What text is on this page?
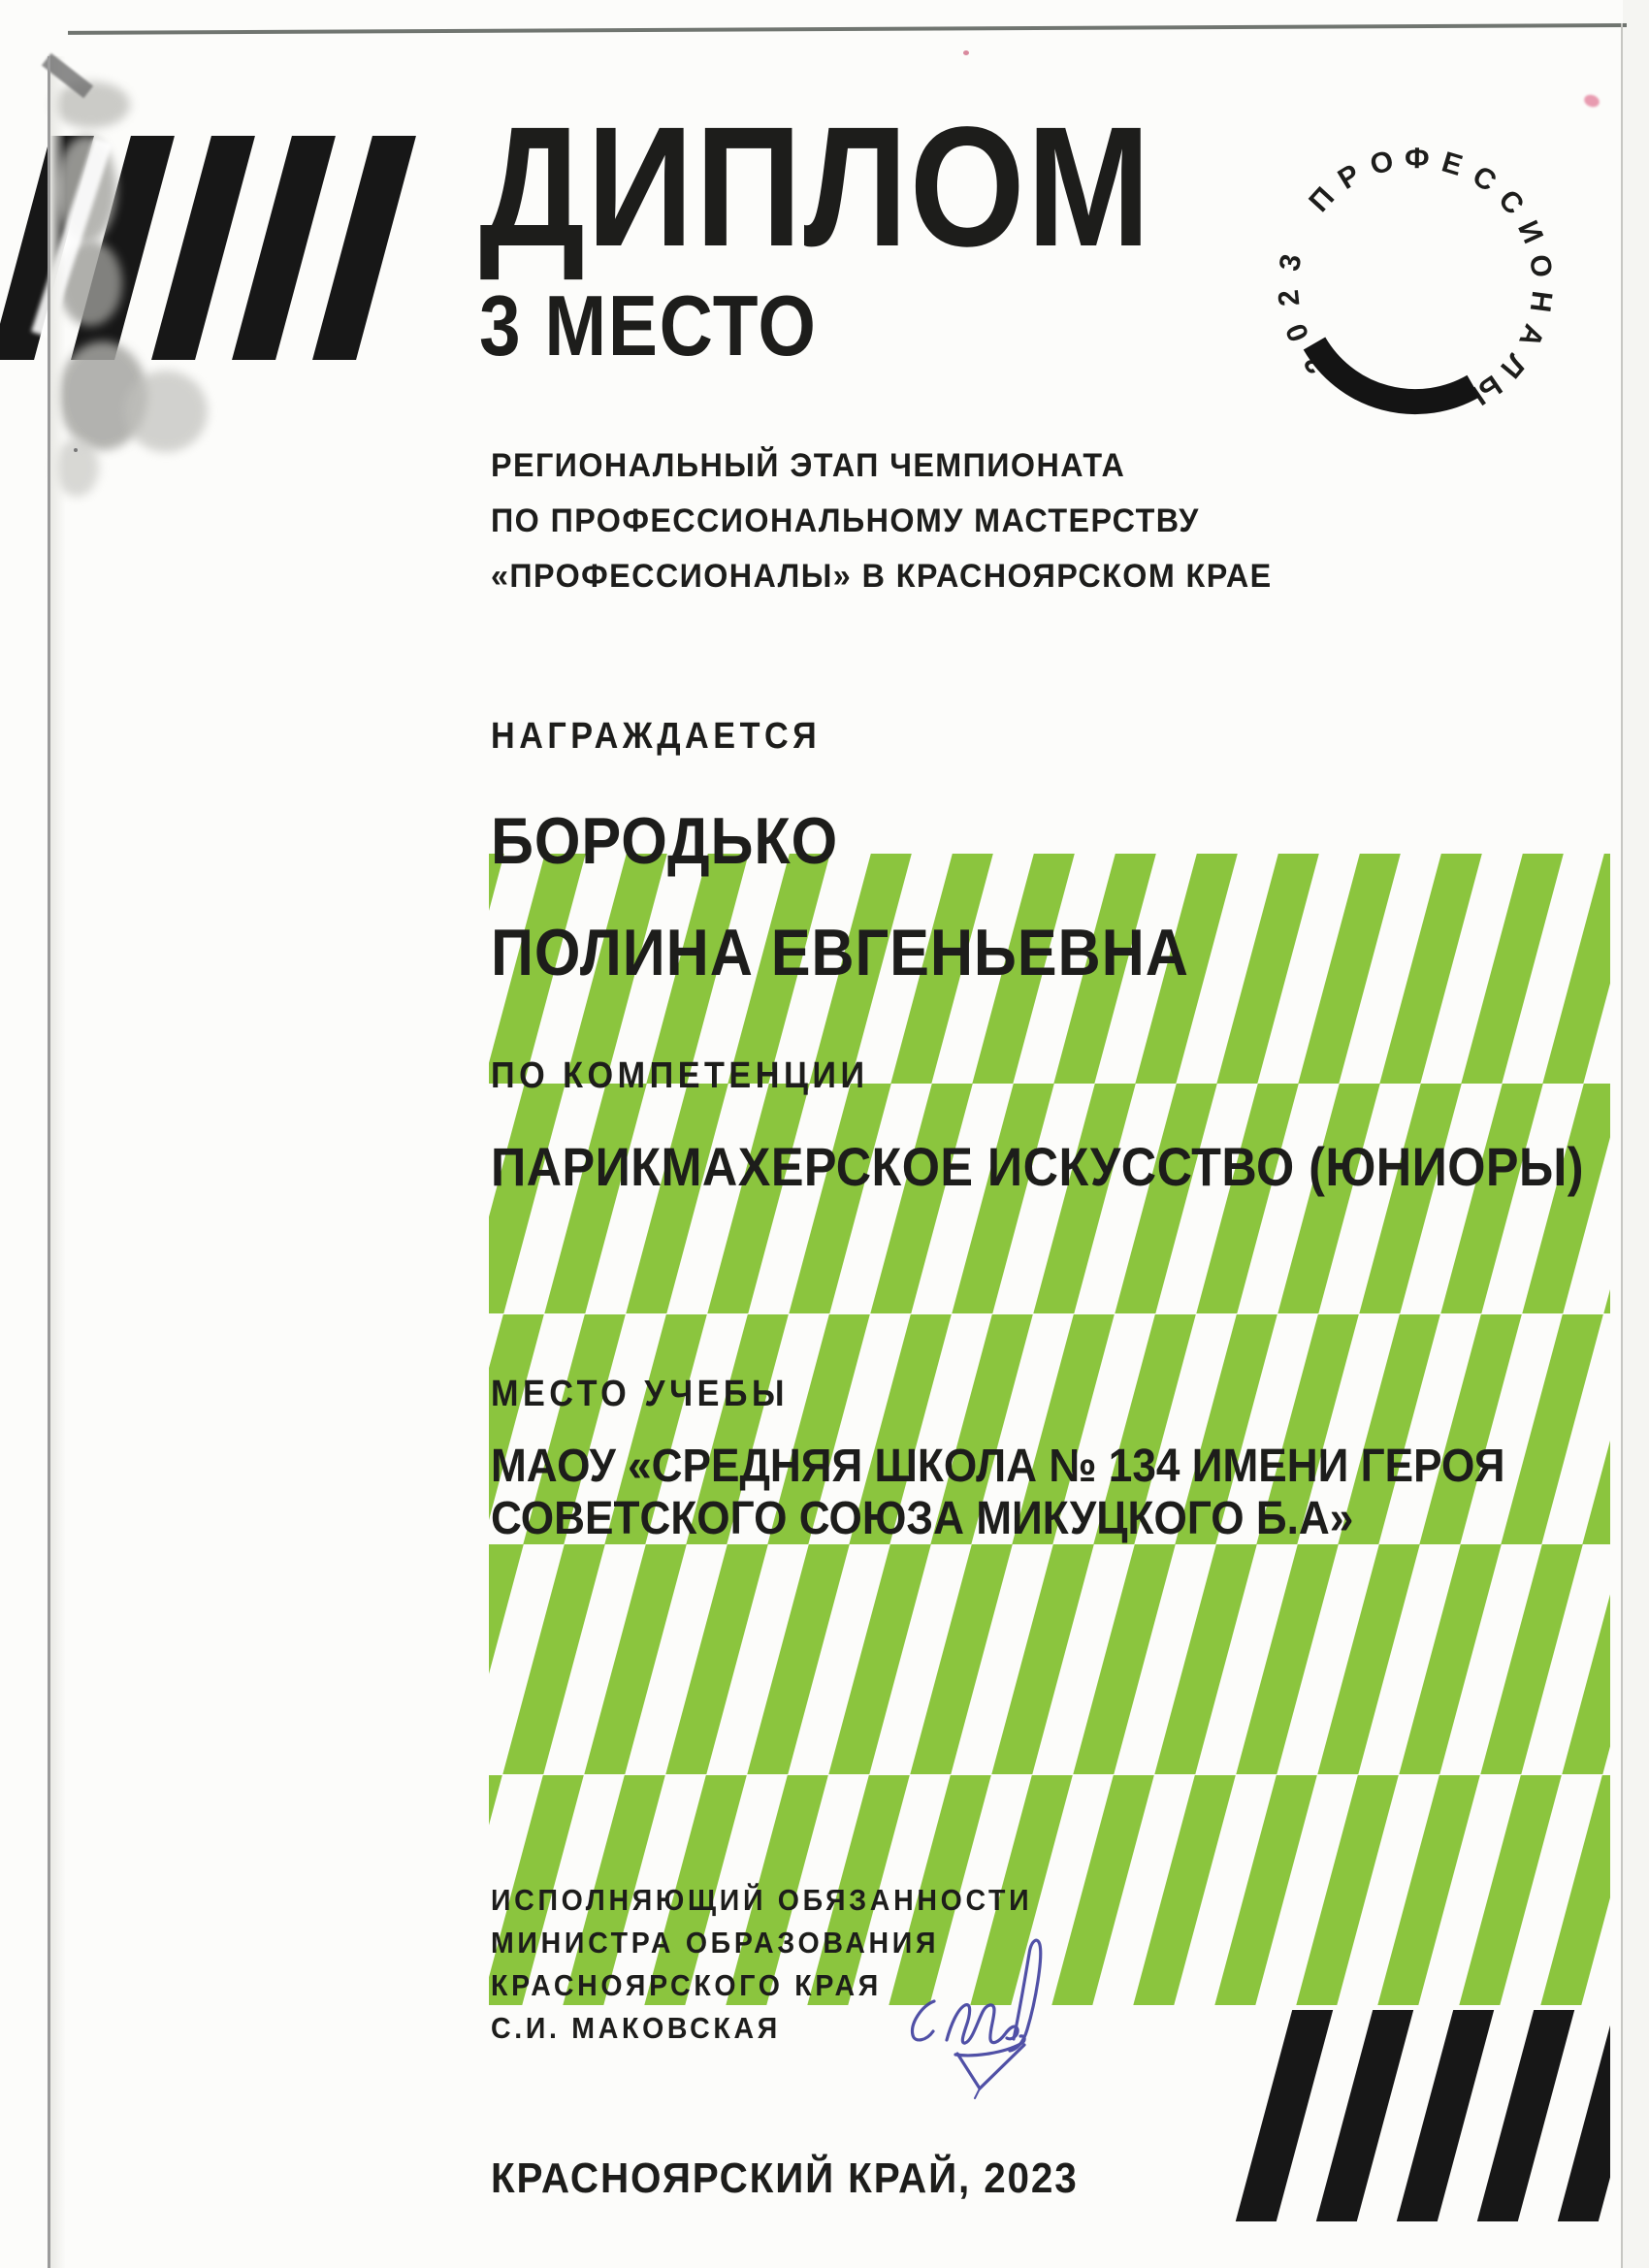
ДИПЛОМ
3 МЕСТО
РЕГИОНАЛЬНЫЙ ЭТАП ЧЕМПИОНАТА
ПО ПРОФЕССИОНАЛЬНОМУ МАСТЕРСТВУ
«ПРОФЕССИОНАЛЫ» В КРАСНОЯРСКОМ КРАЕ
НАГРАЖДАЕТСЯ
БОРОДЬКО
ПОЛИНА ЕВГЕНЬЕВНА
ПО КОМПЕТЕНЦИИ
ПАРИКМАХЕРСКОЕ ИСКУССТВО (ЮНИОРЫ)
МЕСТО УЧЕБЫ
МАОУ «СРЕДНЯЯ ШКОЛА № 134 ИМЕНИ ГЕРОЯ
СОВЕТСКОГО СОЮЗА МИКУЦКОГО Б.А»
ИСПОЛНЯЮЩИЙ ОБЯЗАННОСТИ
МИНИСТРА ОБРАЗОВАНИЯ
КРАСНОЯРСКОГО КРАЯ
С.И. МАКОВСКАЯ
КРАСНОЯРСКИЙ КРАЙ, 2023
2
0
2
3
П
Р О Ф Е С
С
И
О
Н
А
Л
Ы
